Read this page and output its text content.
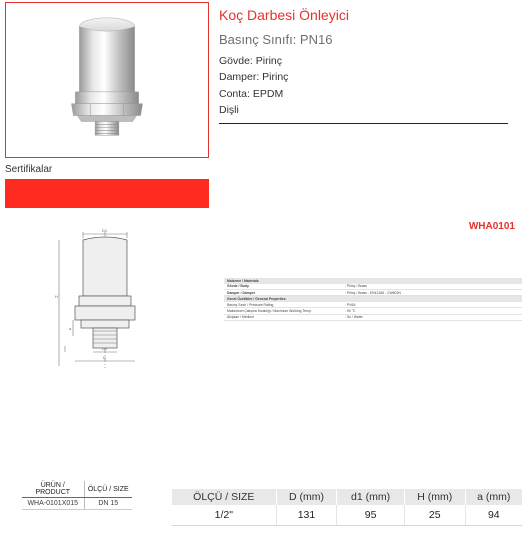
Sertifikalar
Koç Darbesi Önleyici
Basınç Sınıfı: PN16
Gövde: Pirinç
Damper: Pirinç
Conta: EPDM
Dişli
WHA0101
D1
H
a
Dn
D
Malzeme / Materials
Gövde / Body	: Pirinç / Brass
Damper / Damper	: Pirinç / Brass - EN12165 - CW602N
Genel Özellikler / General Properties
Basınç Sınıfı / Pressure Rating	: PN16
Maksimum Çalışma Sıcaklığı / Maximum Working Temp.	: 90 °C
Akışkan / Medium	: Su / Water
ÜRÜN / PRODUCT	ÖLÇÜ / SIZE
WHA-0101X015	DN 15
ÖLÇÜ / SIZE	D (mm)	d1 (mm)	H (mm)	a (mm)
1/2"	131	95	25	94
